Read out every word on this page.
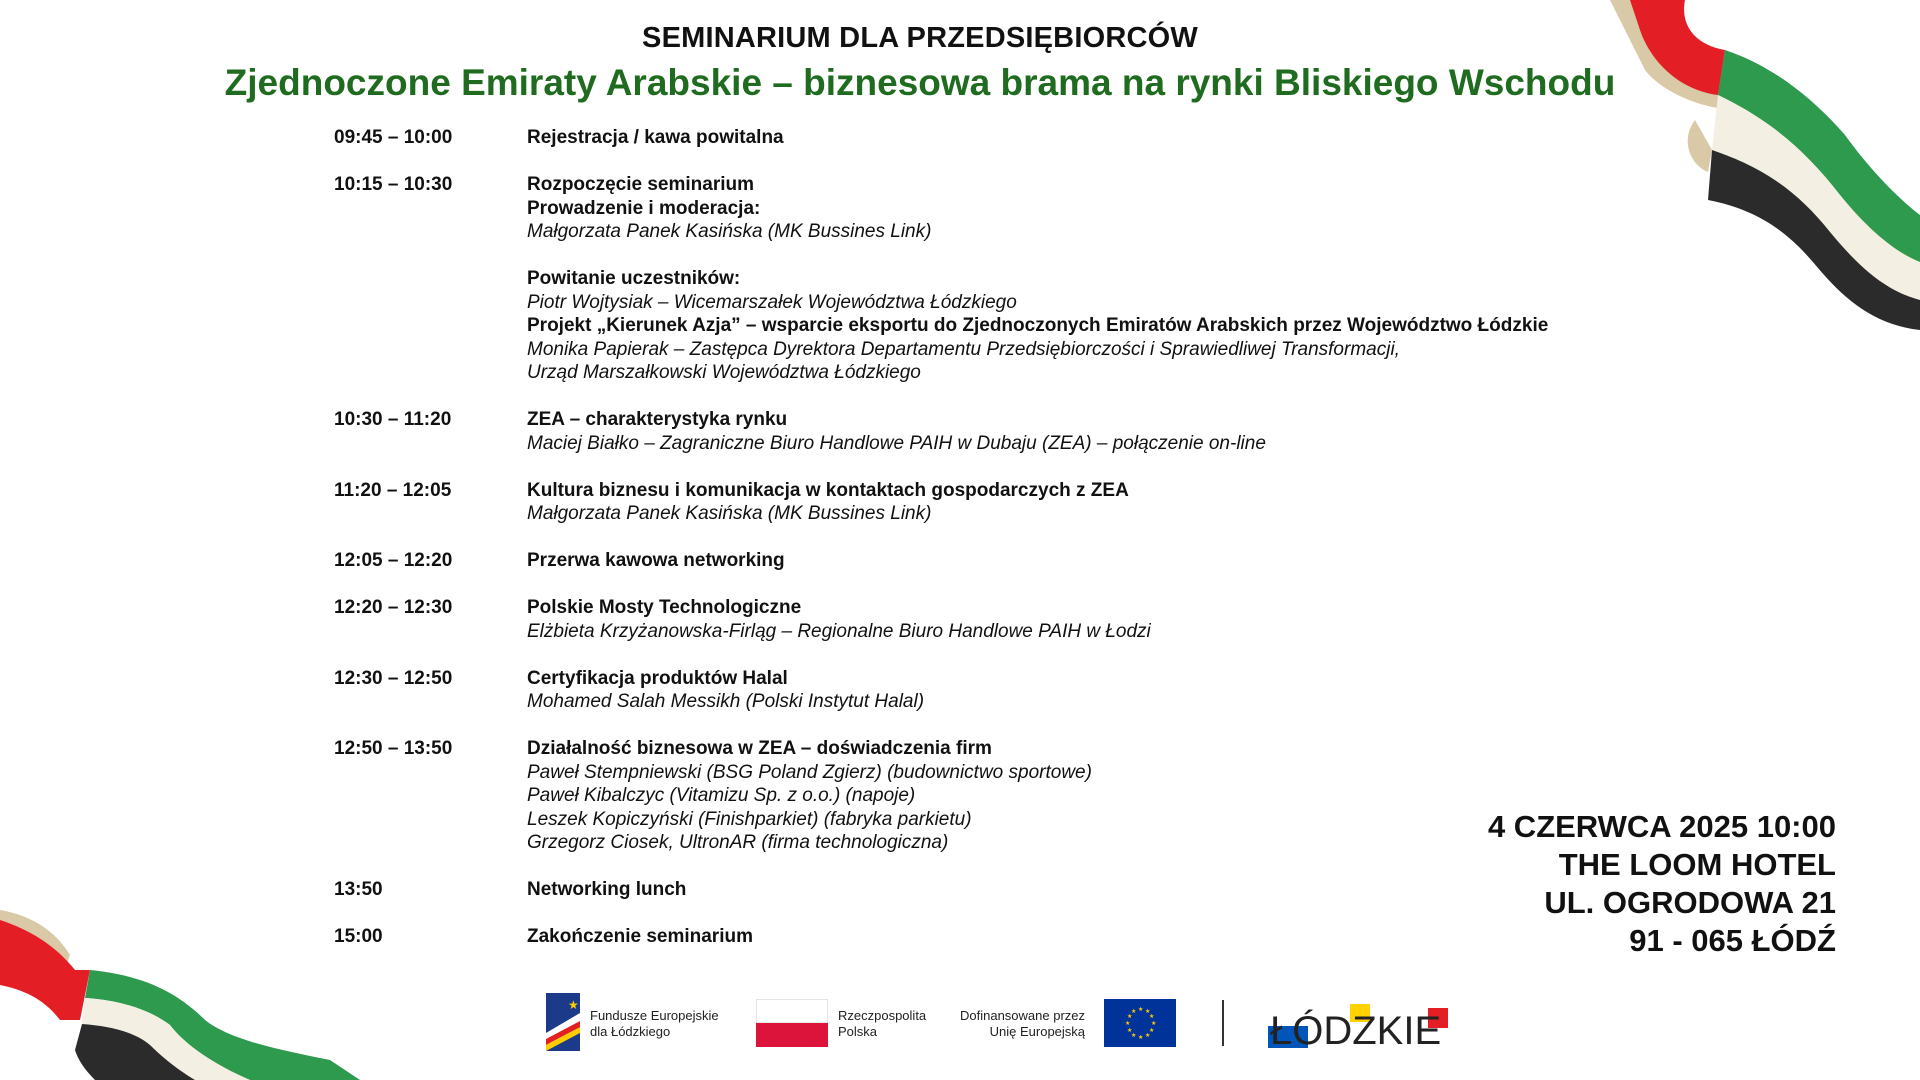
SEMINARIUM DLA PRZEDSIĘBIORCÓW
Zjednoczone Emiraty Arabskie – biznesowa brama na rynki Bliskiego Wschodu
09:45 – 10:00	Rejestracja / kawa powitalna
10:15 – 10:30	Rozpoczęcie seminarium
Prowadzenie i moderacja:
Małgorzata Panek Kasińska (MK Bussines Link)
Powitanie uczestników:
Piotr Wojtysiak – Wicemarszałek Województwa Łódzkiego
Projekt „Kierunek Azja” – wsparcie eksportu do Zjednoczonych Emiratów Arabskich przez Województwo Łódzkie
Monika Papierak – Zastępca Dyrektora Departamentu Przedsiębiorczości i Sprawiedliwej Transformacji,
Urząd Marszałkowski Województwa Łódzkiego
10:30 – 11:20	ZEA – charakterystyka rynku
Maciej Białko – Zagraniczne Biuro Handlowe PAIH w Dubaju (ZEA) – połączenie on-line
11:20 – 12:05	Kultura biznesu i komunikacja w kontaktach gospodarczych z ZEA
Małgorzata Panek Kasińska (MK Bussines Link)
12:05 – 12:20	Przerwa kawowa networking
12:20 – 12:30	Polskie Mosty Technologiczne
Elżbieta Krzyżanowska-Firląg – Regionalne Biuro Handlowe PAIH w Łodzi
12:30 – 12:50	Certyfikacja produktów Halal
Mohamed Salah Messikh (Polski Instytut Halal)
12:50 – 13:50	Działalność biznesowa w ZEA – doświadczenia firm
Paweł Stempniewski (BSG Poland Zgierz) (budownictwo sportowe)
Paweł Kibalczyc (Vitamizu Sp. z o.o.) (napoje)
Leszek Kopiczyński (Finishparkiet) (fabryka parkietu)
Grzegorz Ciosek, UltronAR (firma technologiczna)
13:50	Networking lunch
15:00	Zakończenie seminarium
4 CZERWCA 2025 10:00
THE LOOM HOTEL
UL. OGRODOWA 21
91 - 065 ŁÓDŹ
★
Fundusze Europejskie
dla Łódzkiego
Rzeczpospolita
Polska
Dofinansowane przez
Unię Europejską
★ ★
★
★
★
★
★
★
★
★
★
★	ŁÓDZKIE
